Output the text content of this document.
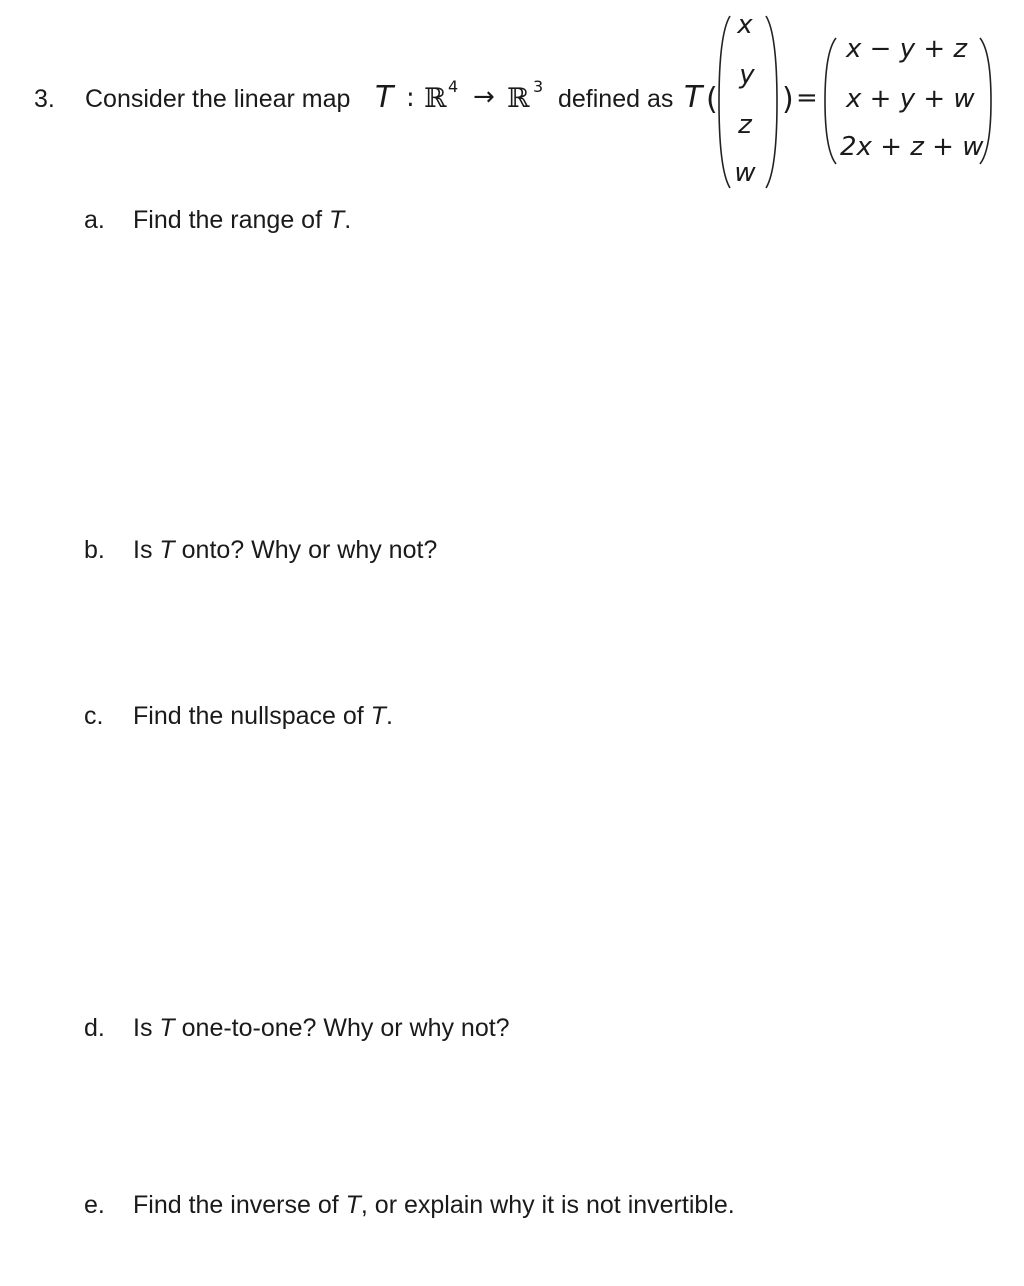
3. Consider the linear map T : ℝ 4 → ℝ 3 defined as T ( ) =
x
y
z
w
x − y + z
x + y + w
2x + z + w
a. Find the range of T.
b. Is T onto? Why or why not?
c. Find the nullspace of T.
d. Is T one-to-one? Why or why not?
e. Find the inverse of T, or explain why it is not invertible.
